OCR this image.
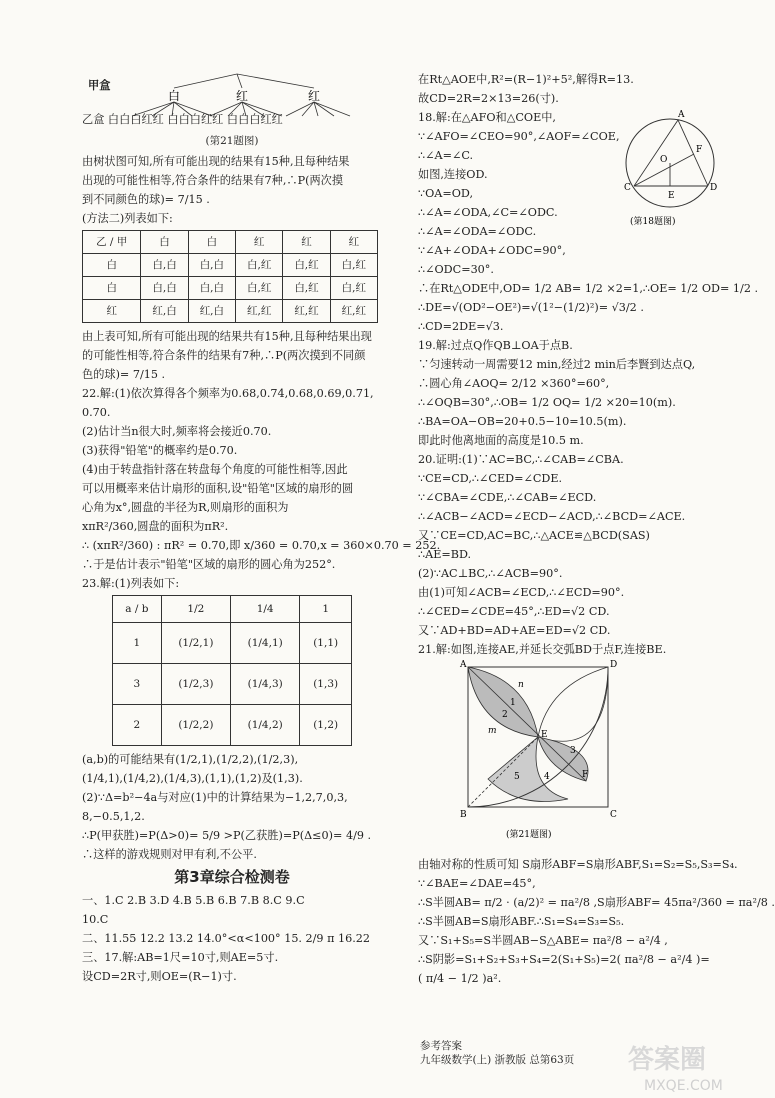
白	红	红
甲盒
乙盒 白白白红红 白白白红红 白白白红红
(第21题图)
由树状图可知,所有可能出现的结果有15种,且每种结果
出现的可能性相等,符合条件的结果有7种,∴P(两次摸
到不同颜色的球)= 7/15 .
(方法二)列表如下:
乙 / 甲	白	白	红	红	红
白	白,白	白,白	白,红	白,红	白,红
白	白,白	白,白	白,红	白,红	白,红
红	红,白	红,白	红,红	红,红	红,红
由上表可知,所有可能出现的结果共有15种,且每种结果出现
的可能性相等,符合条件的结果有7种,∴P(两次摸到不同颜
色的球)= 7/15 .
22.解:(1)依次算得各个频率为0.68,0.74,0.68,0.69,0.71,
0.70.
(2)估计当n很大时,频率将会接近0.70.
(3)获得"铅笔"的概率约是0.70.
(4)由于转盘指针落在转盘每个角度的可能性相等,因此
可以用概率来估计扇形的面积,设"铅笔"区域的扇形的圆
心角为x°,圆盘的半径为R,则扇形的面积为
xπR²/360,圆盘的面积为πR².
∴ (xπR²/360) : πR² = 0.70,即 x/360 = 0.70,x = 360×0.70 = 252.
∴于是估计表示"铅笔"区域的扇形的圆心角为252°.
23.解:(1)列表如下:
a / b	1/2	1/4	1
1	(1/2,1)	(1/4,1)	(1,1)
3	(1/2,3)	(1/4,3)	(1,3)
2	(1/2,2)	(1/4,2)	(1,2)
(a,b)的可能结果有(1/2,1),(1/2,2),(1/2,3),
(1/4,1),(1/4,2),(1/4,3),(1,1),(1,2)及(1,3).
(2)∵Δ=b²−4a与对应(1)中的计算结果为−1,2,7,0,3,
8,−0.5,1,2.
∴P(甲获胜)=P(Δ>0)= 5/9 >P(乙获胜)=P(Δ≤0)= 4/9 .
∴这样的游戏规则对甲有利,不公平.
第3章综合检测卷
一、1.C 2.B 3.D 4.B 5.B 6.B 7.B 8.C 9.C
10.C
二、11.55 12.2 13.2 14.0°<α<100° 15. 2/9 π 16.22
三、17.解:AB=1尺=10寸,则AE=5寸.
设CD=2R寸,则OE=(R−1)寸.
在Rt△AOE中,R²=(R−1)²+5²,解得R=13.
故CD=2R=2×13=26(寸).
18.解:在△AFO和△COE中,
∵∠AFO=∠CEO=90°,∠AOF=∠COE,
∴∠A=∠C.
如图,连接OD.
∵OA=OD,
∴∠A=∠ODA,∠C=∠ODC.
∴∠A=∠ODA=∠ODC.
∵∠A+∠ODA+∠ODC=90°,
∴∠ODC=30°.
A
F
O
C
E
D
(第18题图)
∴在Rt△ODE中,OD= 1/2 AB= 1/2 ×2=1,∴OE= 1/2 OD= 1/2 .
∴DE=√(OD²−OE²)=√(1²−(1/2)²)= √3/2 .
∴CD=2DE=√3.
19.解:过点Q作QB⊥OA于点B.
∵匀速转动一周需要12 min,经过2 min后李賢到达点Q,
∴圆心角∠AOQ= 2/12 ×360°=60°,
∴∠OQB=30°,∴OB= 1/2 OQ= 1/2 ×20=10(m).
∴BA=OA−OB=20+0.5−10=10.5(m).
即此时他离地面的高度是10.5 m.
20.证明:(1)∵AC=BC,∴∠CAB=∠CBA.
∵CE=CD,∴∠CED=∠CDE.
∵∠CBA=∠CDE,∴∠CAB=∠ECD.
∴∠ACB−∠ACD=∠ECD−∠ACD,∴∠BCD=∠ACE.
又∵CE=CD,AC=BC,∴△ACE≌△BCD(SAS)
∴AE=BD.
(2)∵AC⊥BC,∴∠ACB=90°.
由(1)可知∠ACB=∠ECD,∴∠ECD=90°.
∴∠CED=∠CDE=45°,∴ED=√2 CD.
又∵AD+BD=AD+AE=ED=√2 CD.
21.解:如图,连接AE,并延长交弧BD于点F,连接BE.
A	D
n
1
2
m	E
3
4
5	F
B	C
(第21题图)
由轴对称的性质可知 S扇形ABF=S扇形ABF,S₁=S₂=S₅,S₃=S₄.
∵∠BAE=∠DAE=45°,
∴S半圆AB= π/2 · (a/2)² = πa²/8 ,S扇形ABF= 45πa²/360 = πa²/8 .
∴S半圆AB=S扇形ABF.∴S₁=S₄=S₃=S₅.
又∵S₁+S₅=S半圆AB−S△ABE= πa²/8 − a²/4 ,
∴S阴影=S₁+S₂+S₃+S₄=2(S₁+S₅)=2( πa²/8 − a²/4 )=
( π/4 − 1/2 )a².
参考答案
九年级数学(上) 浙教版 总第63页 答案圈
MXQE.COM
